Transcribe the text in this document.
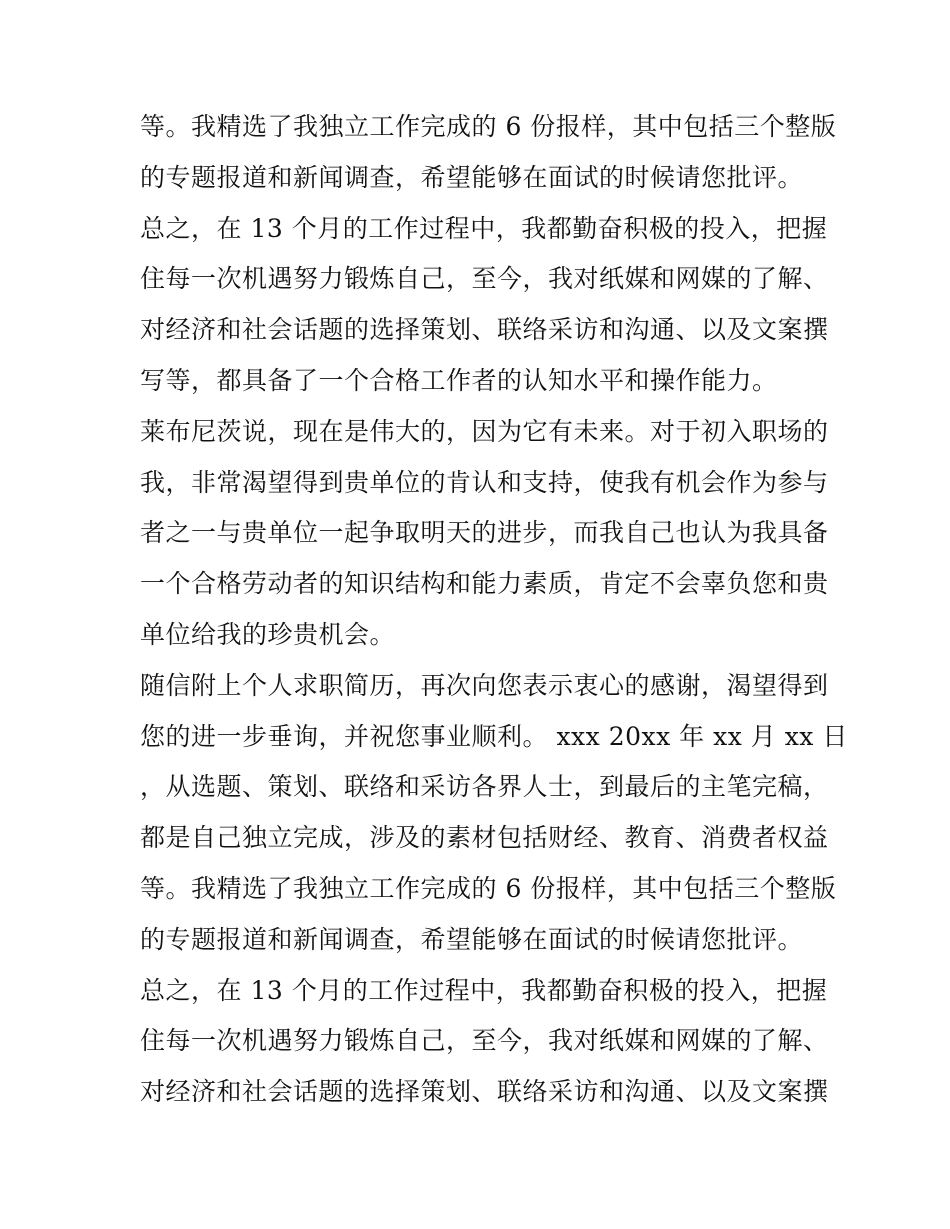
等。我精选了我独立工作完成的 6 份报样，其中包括三个整版
的专题报道和新闻调查，希望能够在面试的时候请您批评。
总之，在 13 个月的工作过程中，我都勤奋积极的投入，把握
住每一次机遇努力锻炼自己，至今，我对纸媒和网媒的了解、
对经济和社会话题的选择策划、联络采访和沟通、以及文案撰
写等，都具备了一个合格工作者的认知水平和操作能力。
莱布尼茨说，现在是伟大的，因为它有未来。对于初入职场的
我，非常渴望得到贵单位的肯认和支持，使我有机会作为参与
者之一与贵单位一起争取明天的进步，而我自己也认为我具备
一个合格劳动者的知识结构和能力素质，肯定不会辜负您和贵
单位给我的珍贵机会。
随信附上个人求职简历，再次向您表示衷心的感谢，渴望得到
您的进一步垂询，并祝您事业顺利。 xxx 20xx 年 xx 月 xx 日
，从选题、策划、联络和采访各界人士，到最后的主笔完稿，
都是自己独立完成，涉及的素材包括财经、教育、消费者权益
等。我精选了我独立工作完成的 6 份报样，其中包括三个整版
的专题报道和新闻调查，希望能够在面试的时候请您批评。
总之，在 13 个月的工作过程中，我都勤奋积极的投入，把握
住每一次机遇努力锻炼自己，至今，我对纸媒和网媒的了解、
对经济和社会话题的选择策划、联络采访和沟通、以及文案撰
